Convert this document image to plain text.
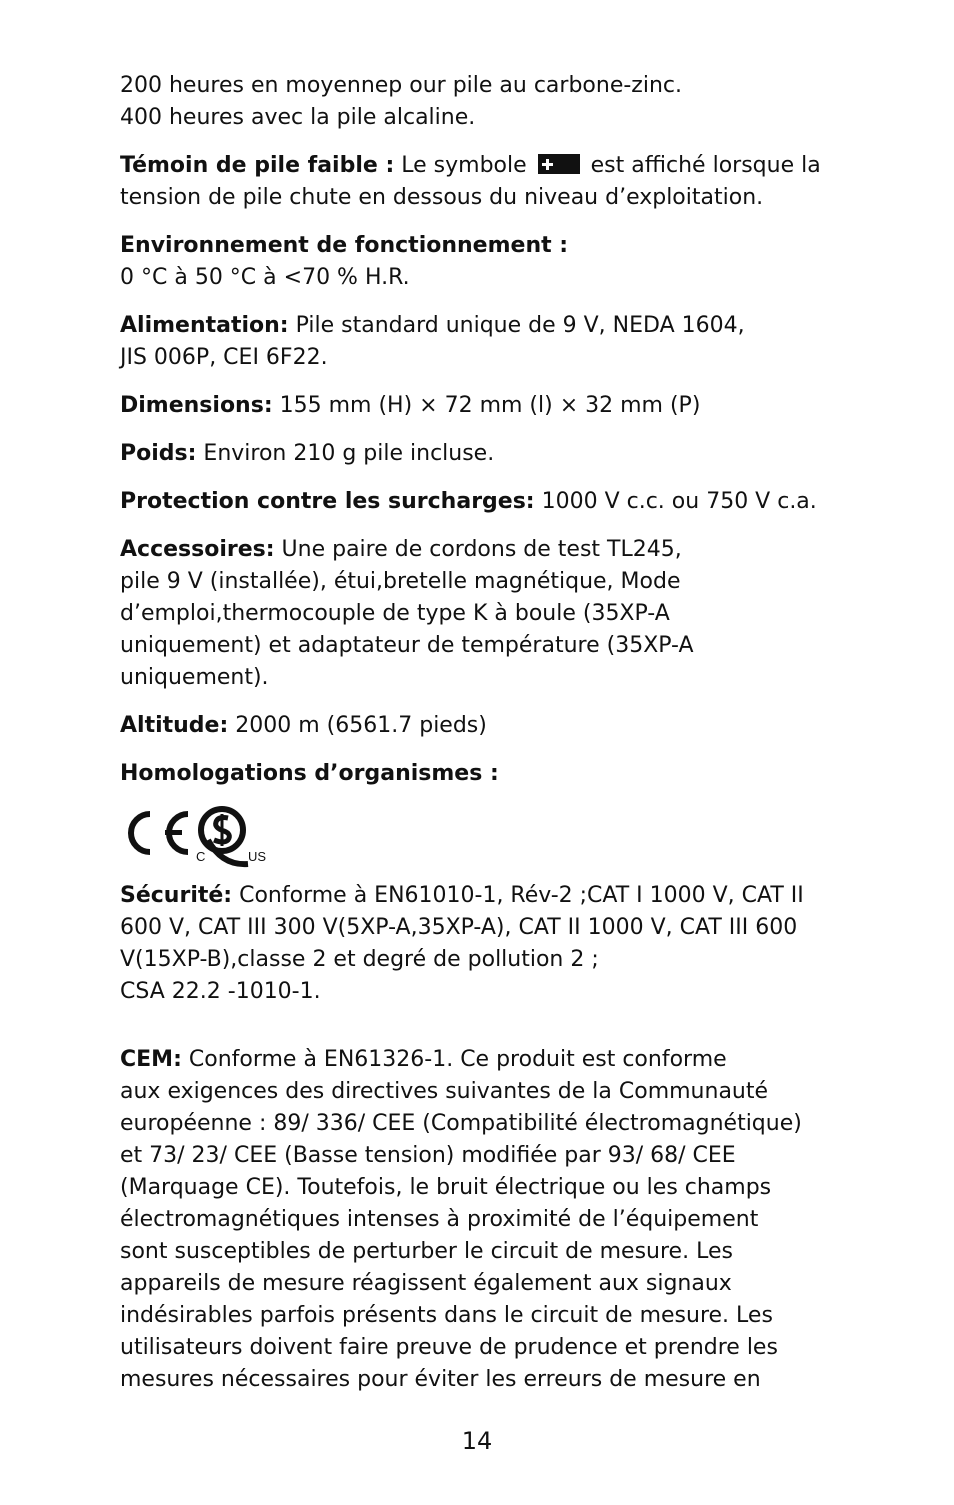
200 heures en moyennep our pile au carbone-zinc.
400 heures avec la pile alcaline.

Témoin de pile faible : Le symbole  est affiché lorsque la
tension de pile chute en dessous du niveau d’exploitation.

Environnement de fonctionnement :
0 °C à 50 °C à <70 % H.R.

Alimentation: Pile standard unique de 9 V, NEDA 1604,
JIS 006P, CEI 6F22.

Dimensions: 155 mm (H) × 72 mm (l) × 32 mm (P)

Poids: Environ 210 g pile incluse.

Protection contre les surcharges: 1000 V c.c. ou 750 V c.a.

Accessoires: Une paire de cordons de test TL245,
pile 9 V (installée), étui,bretelle magnétique, Mode
d’emploi,thermocouple de type K à boule (35XP-A
uniquement) et adaptateur de température (35XP-A
uniquement).

Altitude: 2000 m (6561.7 pieds)

Homologations d’organismes :

C	US

Sécurité: Conforme à EN61010-1, Rév-2 ;CAT I 1000 V, CAT II
600 V, CAT III 300 V(5XP-A,35XP-A), CAT II 1000 V, CAT III 600
V(15XP-B),classe 2 et degré de pollution 2 ;
CSA 22.2 -1010-1.

CEM: Conforme à EN61326-1. Ce produit est conforme
aux exigences des directives suivantes de la Communauté
européenne : 89/ 336/ CEE (Compatibilité électromagnétique)
et 73/ 23/ CEE (Basse tension) modifiée par 93/ 68/ CEE
(Marquage CE). Toutefois, le bruit électrique ou les champs
électromagnétiques intenses à proximité de l’équipement
sont susceptibles de perturber le circuit de mesure. Les
appareils de mesure réagissent également aux signaux
indésirables parfois présents dans le circuit de mesure. Les
utilisateurs doivent faire preuve de prudence et prendre les
mesures nécessaires pour éviter les erreurs de mesure en

14
